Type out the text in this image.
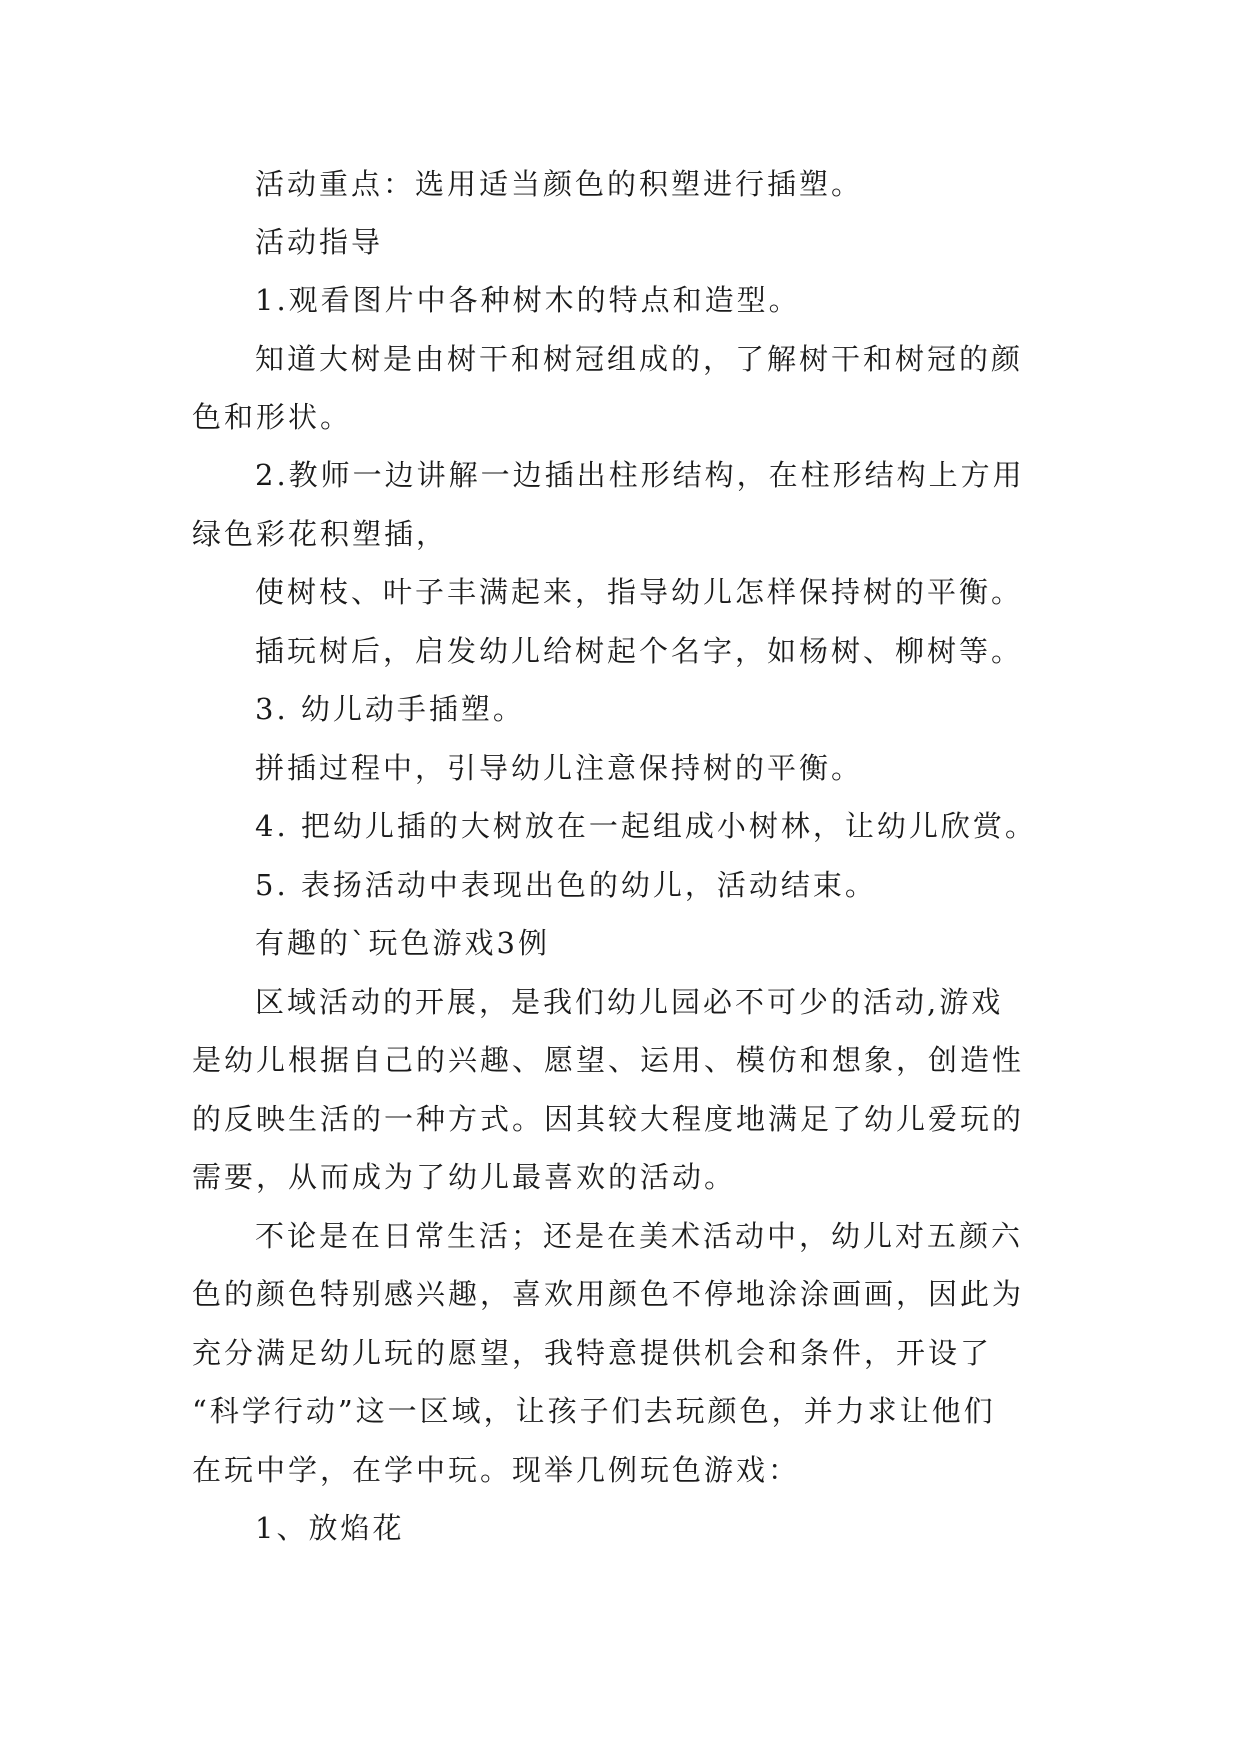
活动重点：选用适当颜色的积塑进行插塑。
活动指导
1.观看图片中各种树木的特点和造型。
知道大树是由树干和树冠组成的，了解树干和树冠的颜
色和形状。
2.教师一边讲解一边插出柱形结构，在柱形结构上方用
绿色彩花积塑插，
使树枝、叶子丰满起来，指导幼儿怎样保持树的平衡。
插玩树后，启发幼儿给树起个名字，如杨树、柳树等。
3. 幼儿动手插塑。
拼插过程中，引导幼儿注意保持树的平衡。
4. 把幼儿插的大树放在一起组成小树林，让幼儿欣赏。
5. 表扬活动中表现出色的幼儿，活动结束。
有趣的`玩色游戏3例
区域活动的开展，是我们幼儿园必不可少的活动,游戏
是幼儿根据自己的兴趣、愿望、运用、模仿和想象，创造性
的反映生活的一种方式。因其较大程度地满足了幼儿爱玩的
需要，从而成为了幼儿最喜欢的活动。
不论是在日常生活；还是在美术活动中，幼儿对五颜六
色的颜色特别感兴趣，喜欢用颜色不停地涂涂画画，因此为
充分满足幼儿玩的愿望，我特意提供机会和条件，开设了
“科学行动”这一区域，让孩子们去玩颜色，并力求让他们
在玩中学，在学中玩。现举几例玩色游戏：
1、放焰花
